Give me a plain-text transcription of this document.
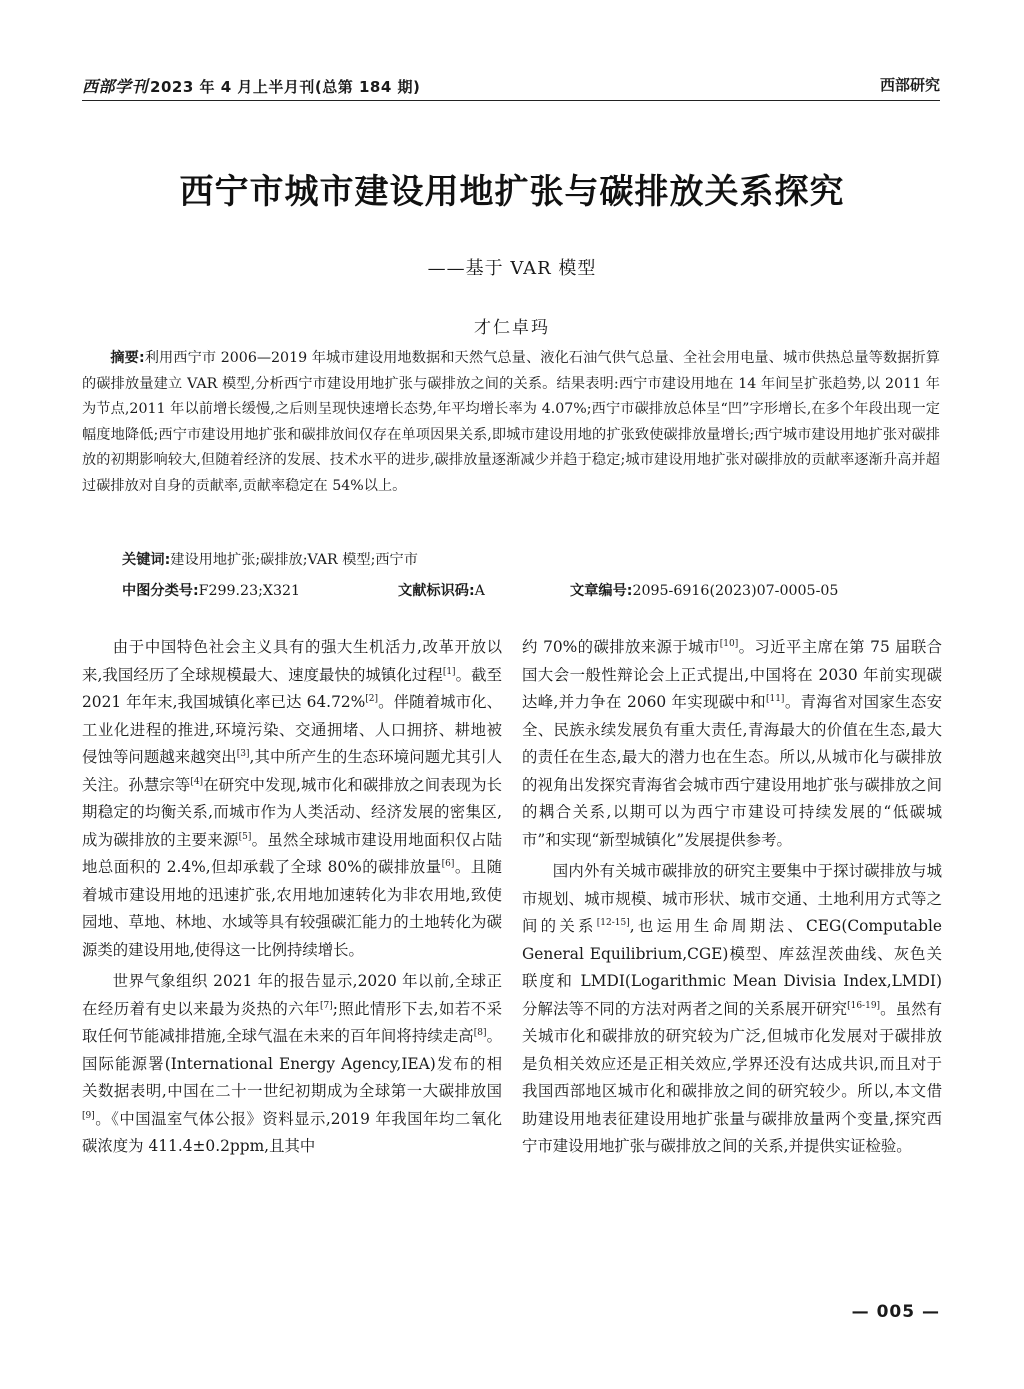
西部学刊 2023 年 4 月上半月刊(总第 184 期)	西部研究
西宁市城市建设用地扩张与碳排放关系探究
——基于 VAR 模型
才仁卓玛

摘要:利用西宁市 2006—2019 年城市建设用地数据和天然气总量、液化石油气供气总量、全社会用电量、城市供热总量等数据折算的碳排放量建立 VAR 模型,分析西宁市建设用地扩张与碳排放之间的关系。结果表明:西宁市建设用地在 14 年间呈扩张趋势,以 2011 年为节点,2011 年以前增长缓慢,之后则呈现快速增长态势,年平均增长率为 4.07%;西宁市碳排放总体呈“凹”字形增长,在多个年段出现一定幅度地降低;西宁市建设用地扩张和碳排放间仅存在单项因果关系,即城市建设用地的扩张致使碳排放量增长;西宁城市建设用地扩张对碳排放的初期影响较大,但随着经济的发展、技术水平的进步,碳排放量逐渐减少并趋于稳定;城市建设用地扩张对碳排放的贡献率逐渐升高并超过碳排放对自身的贡献率,贡献率稳定在 54%以上。

关键词:建设用地扩张;碳排放;VAR 模型;西宁市
中图分类号:F299.23;X321	文献标识码:A	文章编号:2095-6916(2023)07-0005-05

由于中国特色社会主义具有的强大生机活力,改革开放以来,我国经历了全球规模最大、速度最快的城镇化过程[1]。截至 2021 年年末,我国城镇化率已达 64.72%[2]。伴随着城市化、工业化进程的推进,环境污染、交通拥堵、人口拥挤、耕地被侵蚀等问题越来越突出[3],其中所产生的生态环境问题尤其引人关注。孙慧宗等[4]在研究中发现,城市化和碳排放之间表现为长期稳定的均衡关系,而城市作为人类活动、经济发展的密集区,成为碳排放的主要来源[5]。虽然全球城市建设用地面积仅占陆地总面积的 2.4%,但却承载了全球 80%的碳排放量[6]。且随着城市建设用地的迅速扩张,农用地加速转化为非农用地,致使园地、草地、林地、水域等具有较强碳汇能力的土地转化为碳源类的建设用地,使得这一比例持续增长。

世界气象组织 2021 年的报告显示,2020 年以前,全球正在经历着有史以来最为炎热的六年[7];照此情形下去,如若不采取任何节能减排措施,全球气温在未来的百年间将持续走高[8]。国际能源署(International Energy Agency,IEA)发布的相关数据表明,中国在二十一世纪初期成为全球第一大碳排放国[9]。《中国温室气体公报》资料显示,2019 年我国年均二氧化碳浓度为 411.4±0.2ppm,且其中

约 70%的碳排放来源于城市[10]。习近平主席在第 75 届联合国大会一般性辩论会上正式提出,中国将在 2030 年前实现碳达峰,并力争在 2060 年实现碳中和[11]。青海省对国家生态安全、民族永续发展负有重大责任,青海最大的价值在生态,最大的责任在生态,最大的潜力也在生态。所以,从城市化与碳排放的视角出发探究青海省会城市西宁建设用地扩张与碳排放之间的耦合关系,以期可以为西宁市建设可持续发展的“低碳城市”和实现“新型城镇化”发展提供参考。

国内外有关城市碳排放的研究主要集中于探讨碳排放与城市规划、城市规模、城市形状、城市交通、土地利用方式等之间的关系[12-15],也运用生命周期法、CEG(Computable General Equilibrium,CGE)模型、库兹涅茨曲线、灰色关联度和 LMDI(Logarithmic Mean Divisia Index,LMDI)分解法等不同的方法对两者之间的关系展开研究[16-19]。虽然有关城市化和碳排放的研究较为广泛,但城市化发展对于碳排放是负相关效应还是正相关效应,学界还没有达成共识,而且对于我国西部地区城市化和碳排放之间的研究较少。所以,本文借助建设用地表征建设用地扩张量与碳排放量两个变量,探究西宁市建设用地扩张与碳排放之间的关系,并提供实证检验。

— 005 —
